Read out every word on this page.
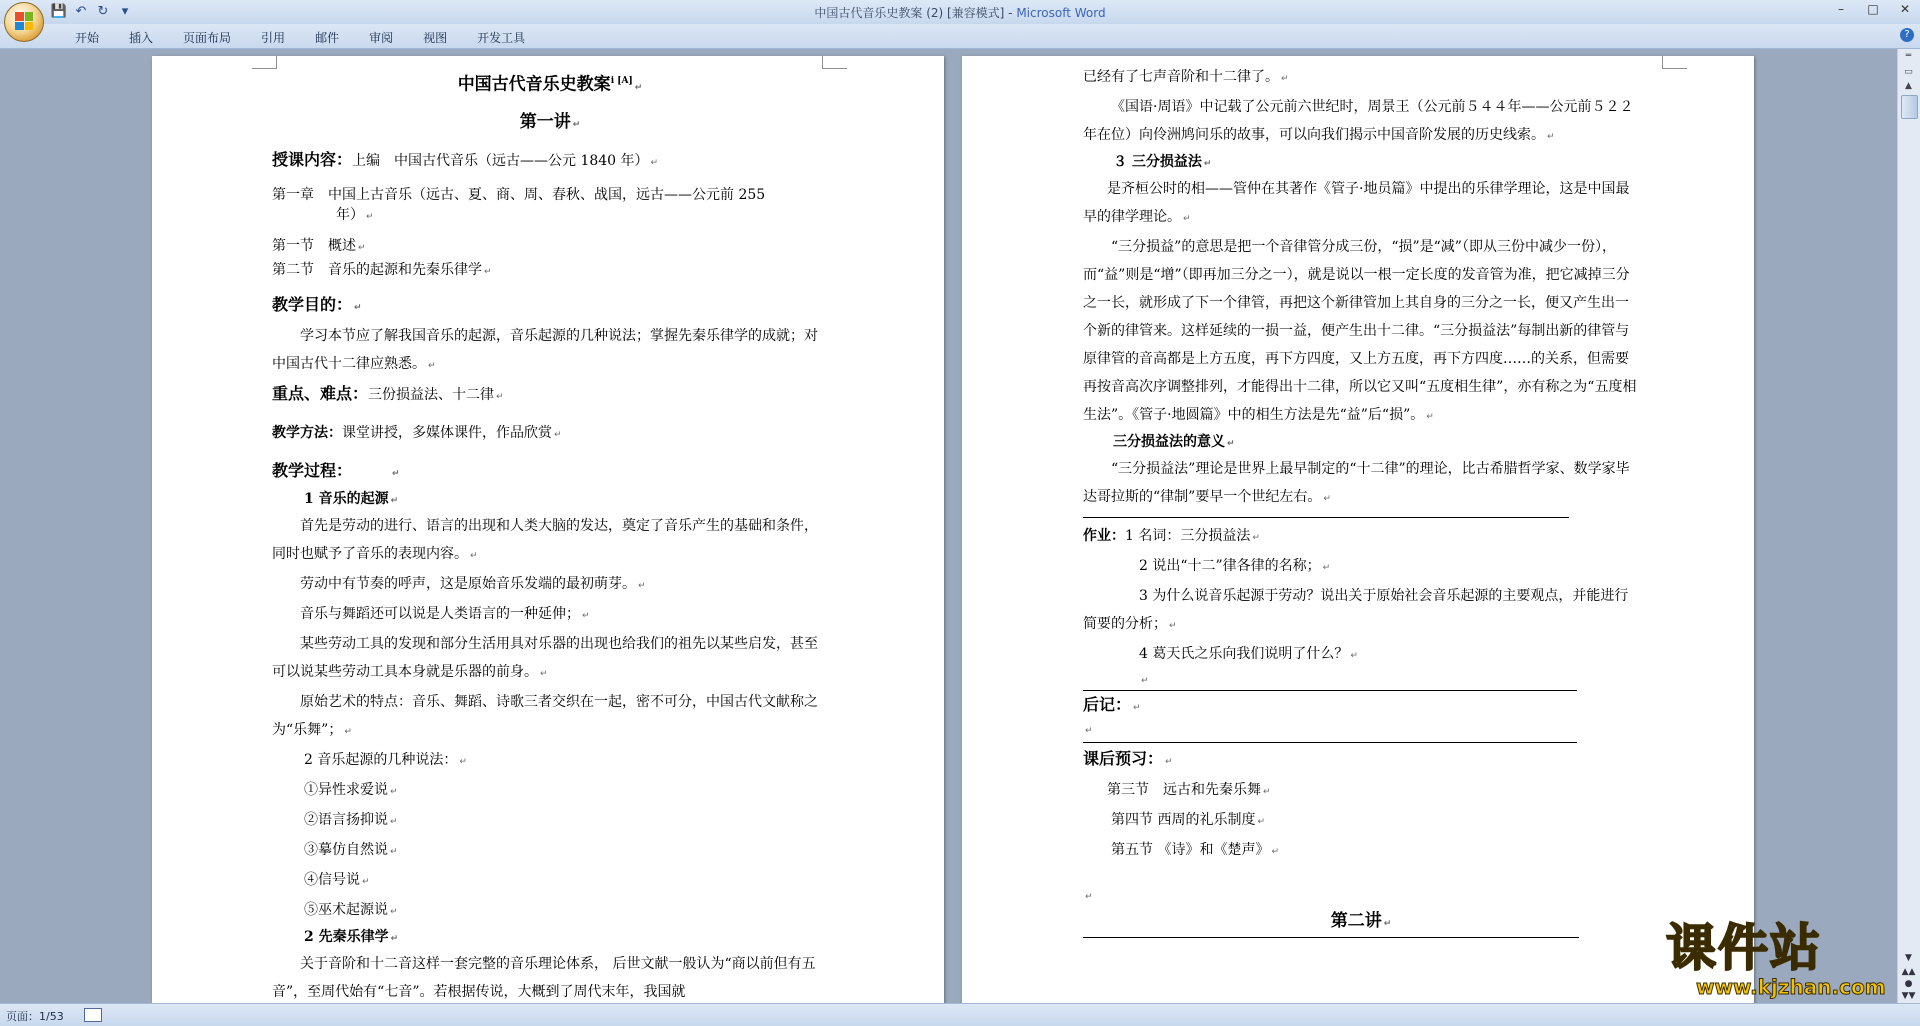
💾 ↶ ↻	▾	中国古代音乐史教案 (2) [兼容模式] - Microsoft Word	–	□	✕
开始	插入	页面布局	引用	邮件	审阅	视图	开发工具	?

中国古代音乐史教案$^{i [A]}$↵

第一讲 ↵

授课内容：上编　中国古代音乐（远古——公元 1840 年） ↵

第一章　 中国上古音乐（远古、夏、商、周、春秋、战国，远古——公元前 255

年） ↵

第一节　 概述 ↵

第二节　 音乐的起源和先秦乐律学 ↵

教学目的： ↵

学习本节应了解我国音乐的起源，音乐起源的几种说法；掌握先秦乐律学的成就；对中国古代十二律应熟悉。 ↵

重点、难点：三份损益法、十二律 ↵

教学方法：课堂讲授，多媒体课件，作品欣赏 ↵

教学过程：	↵

1 音乐的起源 ↵

首先是劳动的进行、语言的出现和人类大脑的发达，奠定了音乐产生的基础和条件，同时也赋予了音乐的表现内容。 ↵

劳动中有节奏的呼声，这是原始音乐发端的最初萌芽。 ↵

音乐与舞蹈还可以说是人类语言的一种延伸； ↵

某些劳动工具的发现和部分生活用具对乐器的出现也给我们的祖先以某些启发，甚至可以说某些劳动工具本身就是乐器的前身。 ↵

原始艺术的特点：音乐、舞蹈、诗歌三者交织在一起，密不可分，中国古代文献称之为“乐舞”； ↵

2 音乐起源的几种说法： ↵

①异性求爱说 ↵

②语言扬抑说 ↵

③摹仿自然说 ↵

④信号说 ↵

⑤巫术起源说 ↵

2 先秦乐律学 ↵

关于音阶和十二音这样一套完整的音乐理论体系， 后世文献一般认为“商以前但有五音”，至周代始有“七音”。若根据传说，大概到了周代末年，我国就

已经有了七声音阶和十二律了。 ↵

《国语·周语》中记载了公元前六世纪时，周景王（公元前５４４年——公元前５２２年在位）向伶洲鸠问乐的故事，可以向我们揭示中国音阶发展的历史线索。 ↵

３ 三分损益法 ↵

是齐桓公时的相——管仲在其著作《管子·地员篇》中提出的乐律学理论，这是中国最早的律学理论。 ↵

“三分损益”的意思是把一个音律管分成三份，“损”是“减”（即从三份中减少一份），而“益”则是“增”（即再加三分之一），就是说以一根一定长度的发音管为准，把它减掉三分之一长，就形成了下一个律管，再把这个新律管加上其自身的三分之一长，便又产生出一个新的律管来。这样延续的一损一益，便产生出十二律。“三分损益法”每制出新的律管与原律管的音高都是上方五度，再下方四度，又上方五度，再下方四度……的关系，但需要再按音高次序调整排列，才能得出十二律，所以它又叫“五度相生律”，亦有称之为“五度相生法”。《管子·地圆篇》中的相生方法是先“益”后“损”。 ↵

三分损益法的意义 ↵

“三分损益法”理论是世界上最早制定的“十二律”的理论，比古希腊哲学家、数学家毕达哥拉斯的“律制”要早一个世纪左右。 ↵

作业：1 名词：三分损益法 ↵

2 说出“十二”律各律的名称； ↵

3 为什么说音乐起源于劳动？说出关于原始社会音乐起源的主要观点，并能进行简要的分析； ↵

4 葛天氏之乐向我们说明了什么？ ↵

↵

后记： ↵

↵

课后预习： ↵

第三节　远古和先秦乐舞 ↵

第四节 西周的礼乐制度 ↵

第五节 《诗》和《楚声》 ↵

↵

第二讲 ↵

═
▭
▲
▼
▲▲
●
▼▼
页面：1/53
课件站
www.kjzhan.com
